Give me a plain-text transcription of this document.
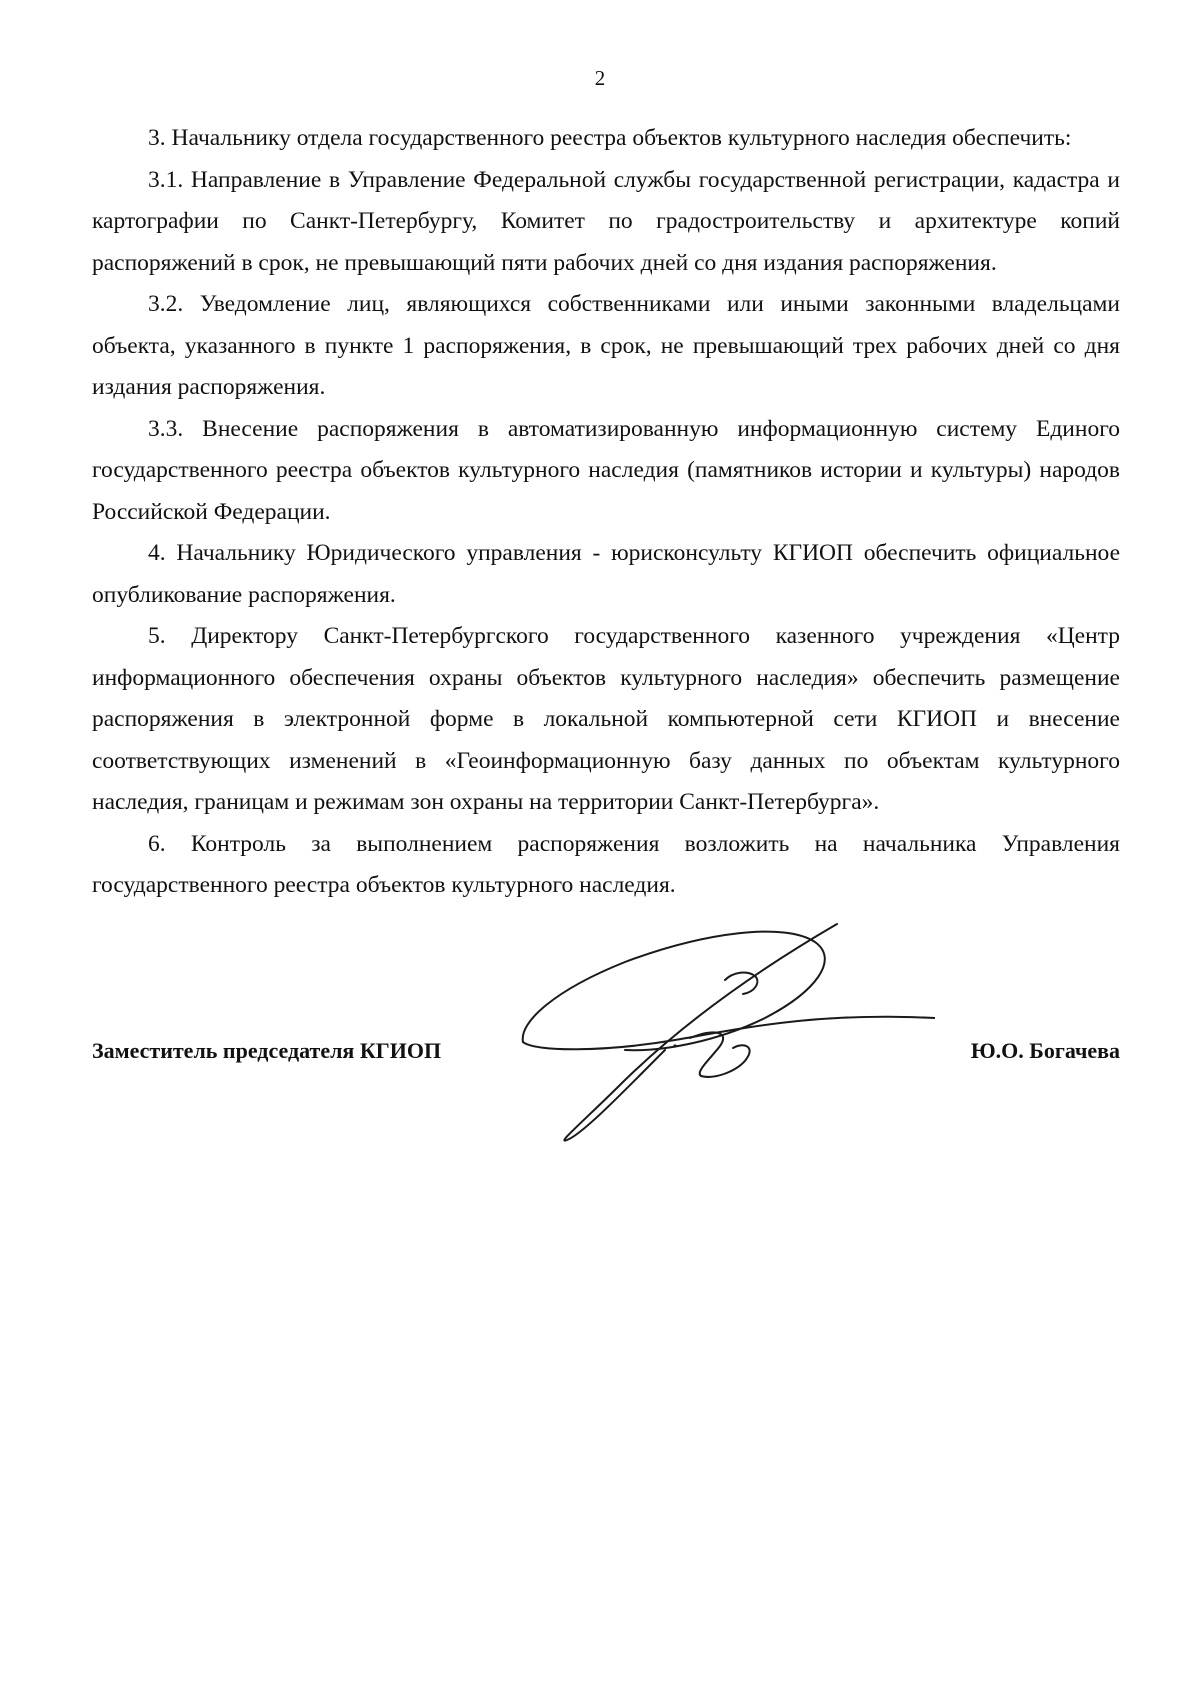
2

3. Начальнику отдела государственного реестра объектов культурного наследия обеспечить:

3.1. Направление в Управление Федеральной службы государственной регистрации, кадастра и картографии по Санкт-Петербургу, Комитет по градостроительству и архитектуре копий распоряжений в срок, не превышающий пяти рабочих дней со дня издания распоряжения.

3.2. Уведомление лиц, являющихся собственниками или иными законными владельцами объекта, указанного в пункте 1 распоряжения, в срок, не превышающий трех рабочих дней со дня издания распоряжения.

3.3. Внесение распоряжения в автоматизированную информационную систему Единого государственного реестра объектов культурного наследия (памятников истории и культуры) народов Российской Федерации.

4. Начальнику Юридического управления - юрисконсульту КГИОП обеспечить официальное опубликование распоряжения.

5. Директору Санкт-Петербургского государственного казенного учреждения «Центр информационного обеспечения охраны объектов культурного наследия» обеспечить размещение распоряжения в электронной форме в локальной компьютерной сети КГИОП и внесение соответствующих изменений в «Геоинформационную базу данных по объектам культурного наследия, границам и режимам зон охраны на территории Санкт-Петербурга».

6. Контроль за выполнением распоряжения возложить на начальника Управления государственного реестра объектов культурного наследия.

Заместитель председателя КГИОП	Ю.О. Богачева
